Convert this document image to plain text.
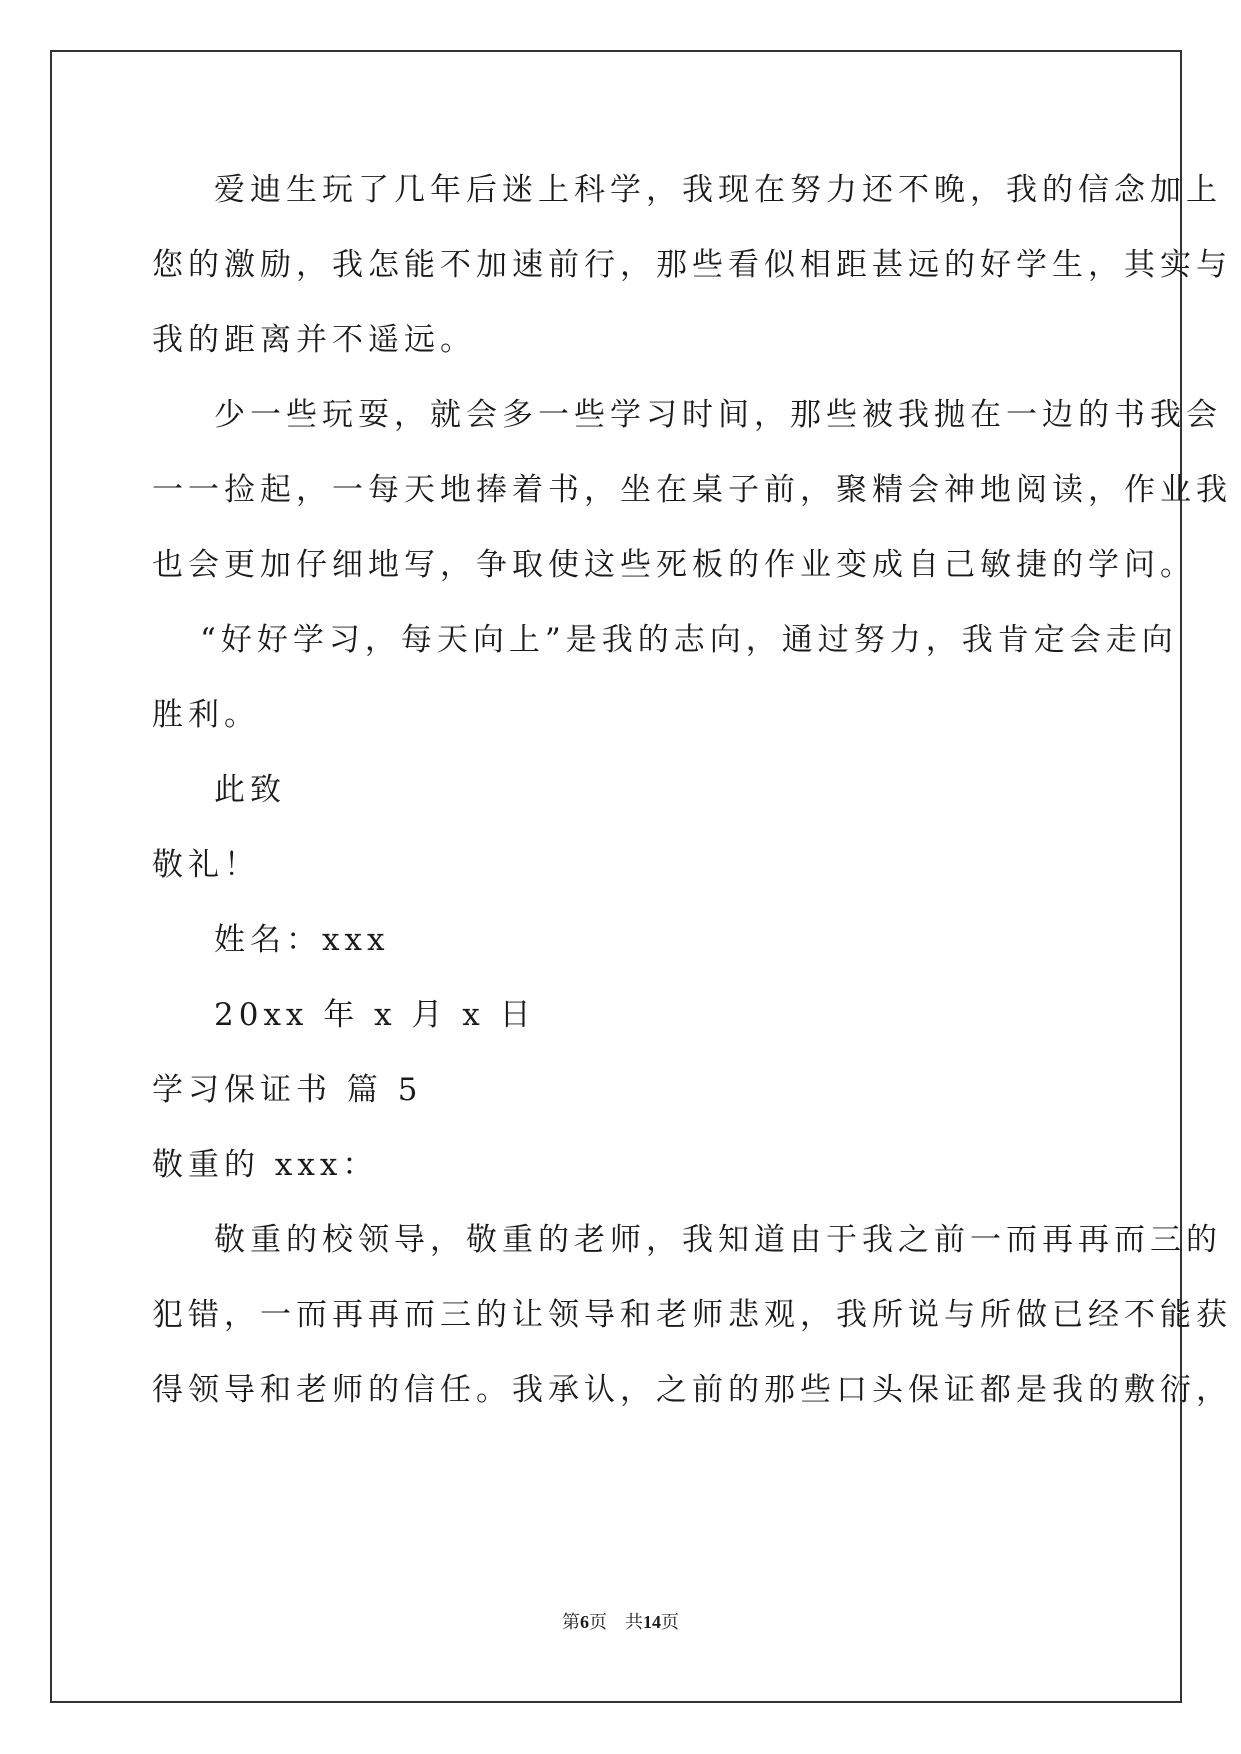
爱迪生玩了几年后迷上科学，我现在努力还不晚，我的信念加上
您的激励，我怎能不加速前行，那些看似相距甚远的好学生，其实与
我的距离并不遥远。
少一些玩耍，就会多一些学习时间，那些被我抛在一边的书我会
一一捡起，一每天地捧着书，坐在桌子前，聚精会神地阅读，作业我
也会更加仔细地写，争取使这些死板的作业变成自己敏捷的学问。
“好好学习，每天向上”是我的志向，通过努力，我肯定会走向
胜利。
此致
敬礼！
姓名：xxx
20xx 年 x 月 x 日
学习保证书 篇 5
敬重的 xxx：
敬重的校领导，敬重的老师，我知道由于我之前一而再再而三的
犯错，一而再再而三的让领导和老师悲观，我所说与所做已经不能获
得领导和老师的信任。我承认，之前的那些口头保证都是我的敷衍，
第6页　共14页
